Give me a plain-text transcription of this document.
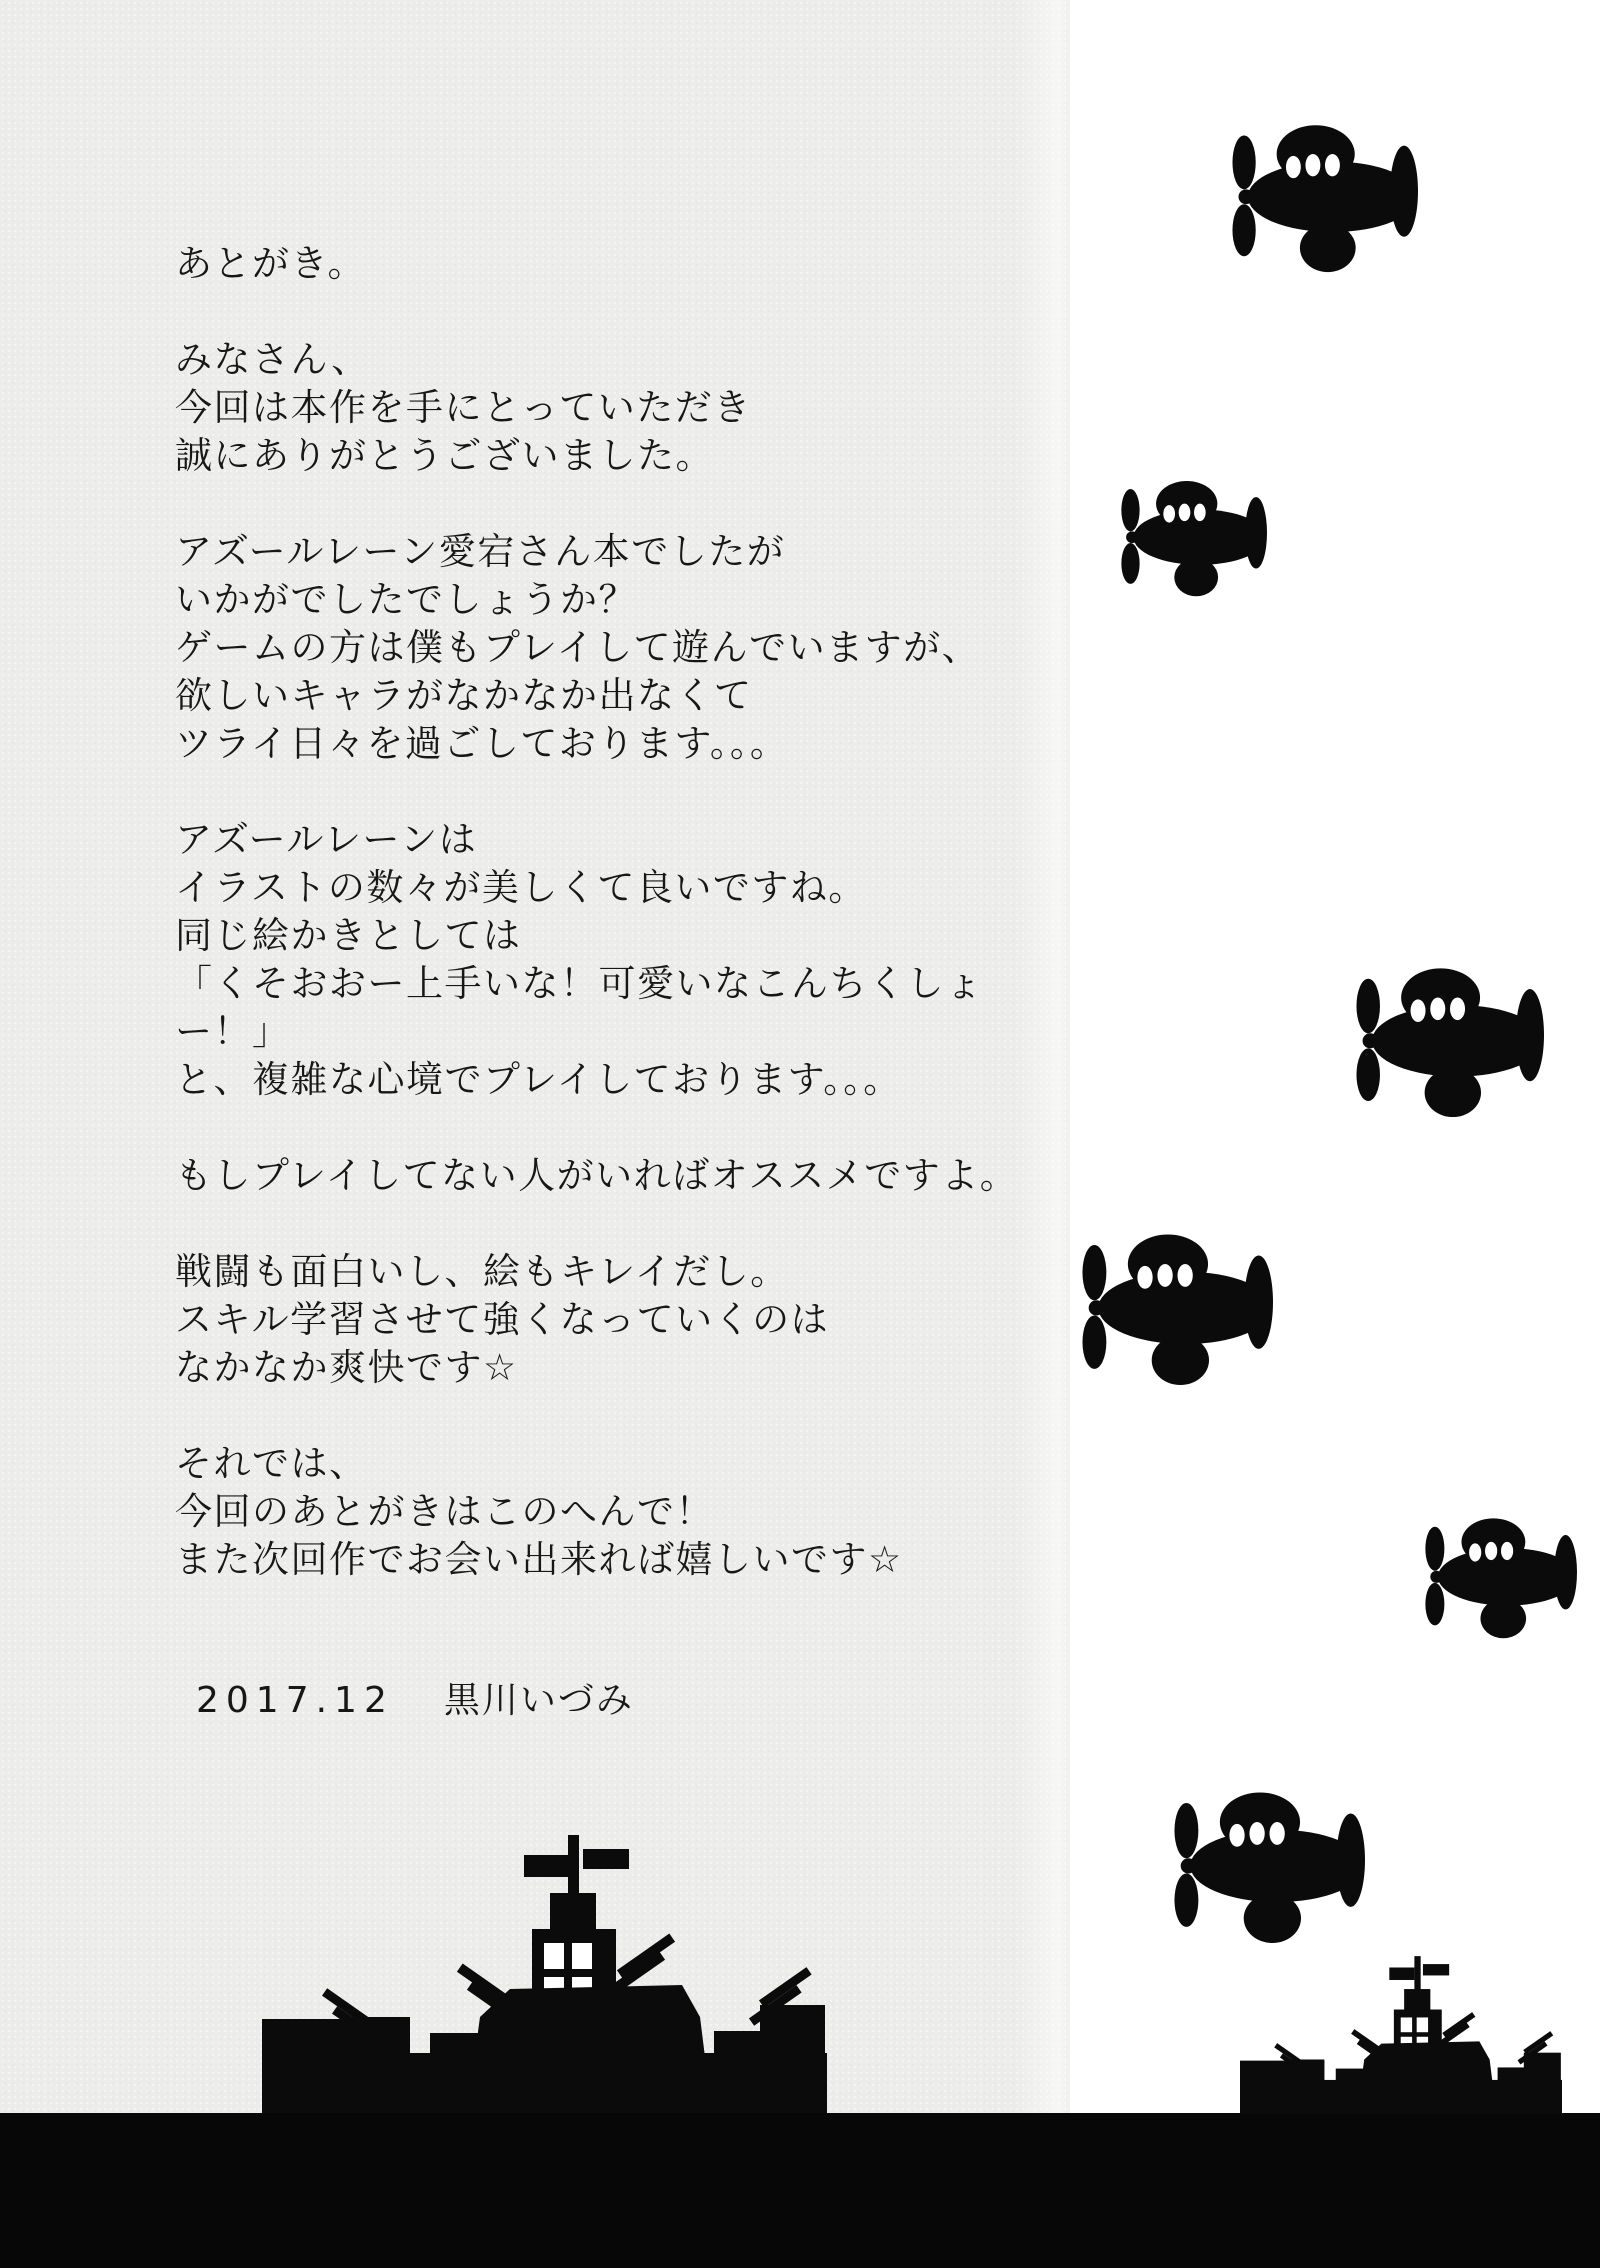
あとがき。

みなさん、
今回は本作を手にとっていただき
誠にありがとうございました。

アズールレーン愛宕さん本でしたが
いかがでしたでしょうか？
ゲームの方は僕もプレイして遊んでいますが、
欲しいキャラがなかなか出なくて
ツライ日々を過ごしております。。。

アズールレーンは
イラストの数々が美しくて良いですね。
同じ絵かきとしては
「くそおおー上手いな！可愛いなこんちくしょー！」
と、複雑な心境でプレイしております。。。

もしプレイしてない人がいればオススメですよ。

戦闘も面白いし、絵もキレイだし。
スキル学習させて強くなっていくのは
なかなか爽快です☆

それでは、
今回のあとがきはこのへんで！
また次回作でお会い出来れば嬉しいです☆

2017.12 黒川いづみ
